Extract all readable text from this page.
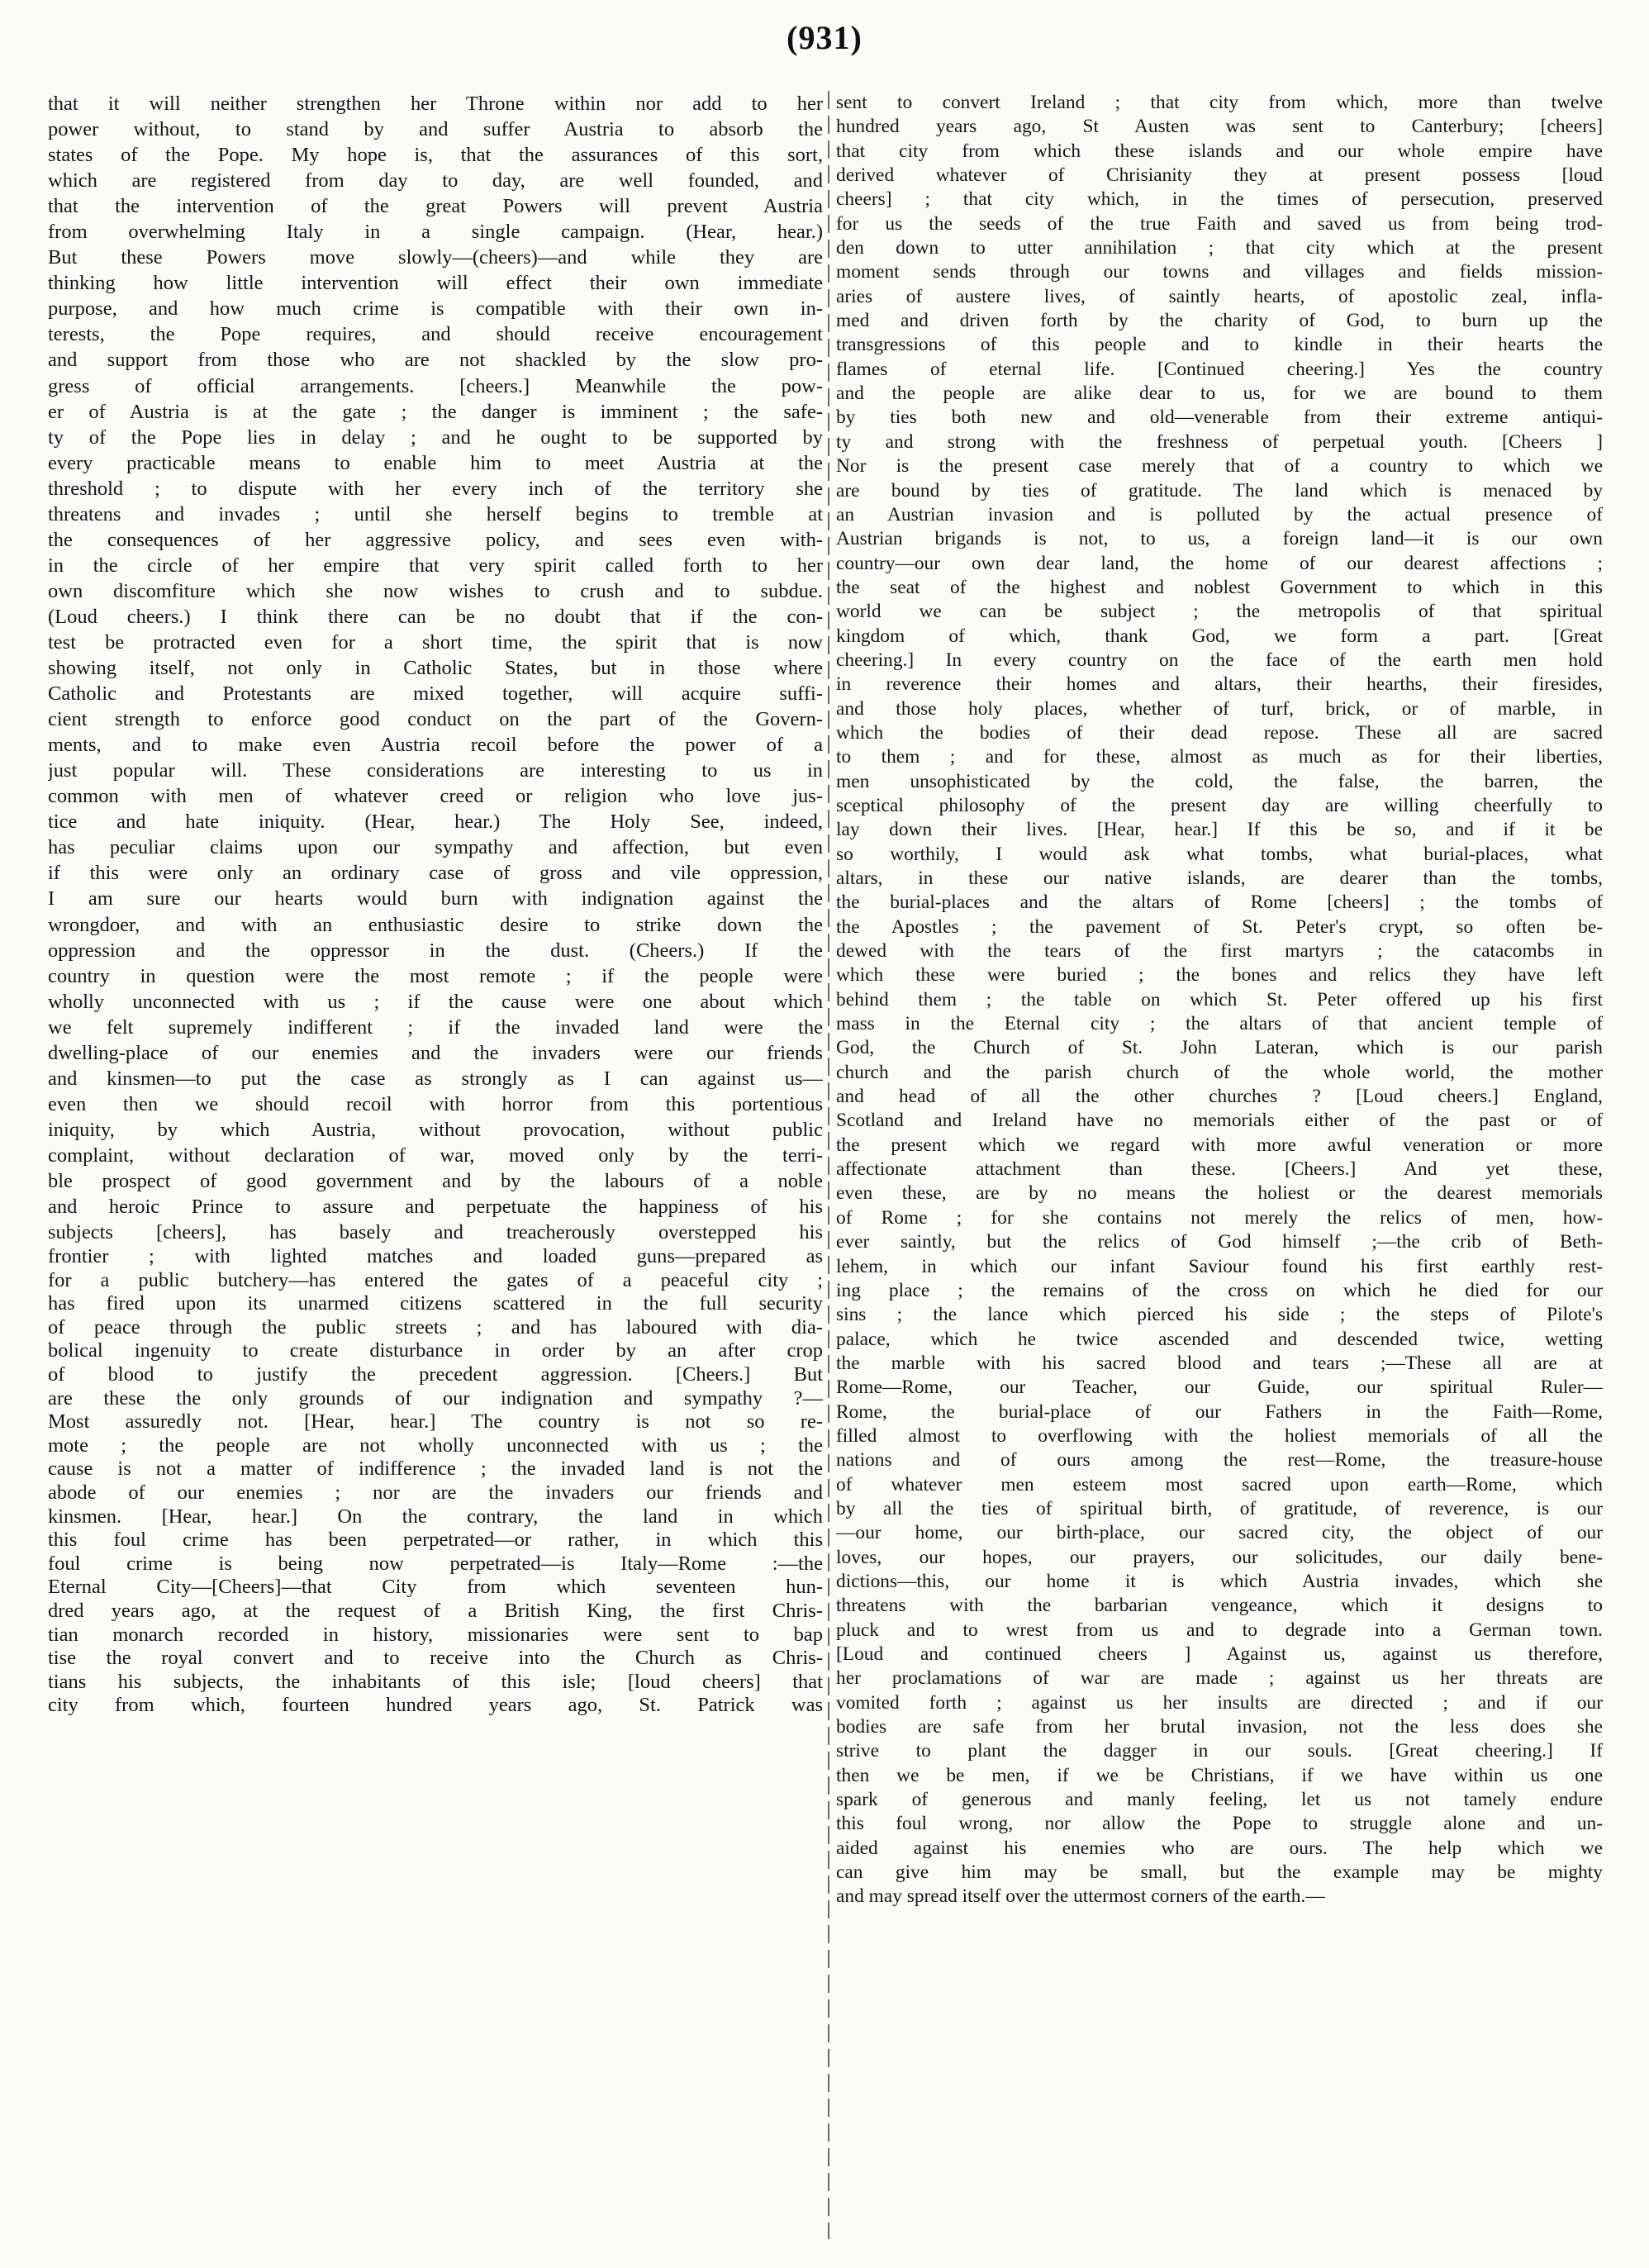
(931)
that it will neither strengthen her Throne within nor add to her
power without, to stand by and suffer Austria to absorb the
states of the Pope. My hope is, that the assurances of this sort,
which are registered from day to day, are well founded, and
that the intervention of the great Powers will prevent Austria
from overwhelming Italy in a single campaign. (Hear, hear.)
But these Powers move slowly—(cheers)—and while they are
thinking how little intervention will effect their own immediate
purpose, and how much crime is compatible with their own in-
terests, the Pope requires, and should receive encouragement
and support from those who are not shackled by the slow pro-
gress of official arrangements. [cheers.] Meanwhile the pow-
er of Austria is at the gate ; the danger is imminent ; the safe-
ty of the Pope lies in delay ; and he ought to be supported by
every practicable means to enable him to meet Austria at the
threshold ; to dispute with her every inch of the territory she
threatens and invades ; until she herself begins to tremble at
the consequences of her aggressive policy, and sees even with-
in the circle of her empire that very spirit called forth to her
own discomfiture which she now wishes to crush and to subdue.
(Loud cheers.) I think there can be no doubt that if the con-
test be protracted even for a short time, the spirit that is now
showing itself, not only in Catholic States, but in those where
Catholic and Protestants are mixed together, will acquire suffi-
cient strength to enforce good conduct on the part of the Govern-
ments, and to make even Austria recoil before the power of a
just popular will. These considerations are interesting to us in
common with men of whatever creed or religion who love jus-
tice and hate iniquity. (Hear, hear.) The Holy See, indeed,
has peculiar claims upon our sympathy and affection, but even
if this were only an ordinary case of gross and vile oppression,
I am sure our hearts would burn with indignation against the
wrongdoer, and with an enthusiastic desire to strike down the
oppression and the oppressor in the dust. (Cheers.) If the
country in question were the most remote ; if the people were
wholly unconnected with us ; if the cause were one about which
we felt supremely indifferent ; if the invaded land were the
dwelling-place of our enemies and the invaders were our friends
and kinsmen—to put the case as strongly as I can against us—
even then we should recoil with horror from this portentious
iniquity, by which Austria, without provocation, without public
complaint, without declaration of war, moved only by the terri-
ble prospect of good government and by the labours of a noble
and heroic Prince to assure and perpetuate the happiness of his
subjects [cheers], has basely and treacherously overstepped his
frontier ; with lighted matches and loaded guns—prepared as
for a public butchery—has entered the gates of a peaceful city ;
has fired upon its unarmed citizens scattered in the full security
of peace through the public streets ; and has laboured with dia-
bolical ingenuity to create disturbance in order by an after crop
of blood to justify the precedent aggression. [Cheers.] But
are these the only grounds of our indignation and sympathy ?—
Most assuredly not. [Hear, hear.] The country is not so re-
mote ; the people are not wholly unconnected with us ; the
cause is not a matter of indifference ; the invaded land is not the
abode of our enemies ; nor are the invaders our friends and
kinsmen. [Hear, hear.] On the contrary, the land in which
this foul crime has been perpetrated—or rather, in which this
foul crime is being now perpetrated—is Italy—Rome :—the
Eternal City—[Cheers]—that City from which seventeen hun-
dred years ago, at the request of a British King, the first Chris-
tian monarch recorded in history, missionaries were sent to bap
tise the royal convert and to receive into the Church as Chris-
tians his subjects, the inhabitants of this isle; [loud cheers] that
city from which, fourteen hundred years ago, St. Patrick was
sent to convert Ireland ; that city from which, more than twelve
hundred years ago, St Austen was sent to Canterbury; [cheers]
that city from which these islands and our whole empire have
derived whatever of Chrisianity they at present possess [loud
cheers] ; that city which, in the times of persecution, preserved
for us the seeds of the true Faith and saved us from being trod-
den down to utter annihilation ; that city which at the present
moment sends through our towns and villages and fields mission-
aries of austere lives, of saintly hearts, of apostolic zeal, infla-
med and driven forth by the charity of God, to burn up the
transgressions of this people and to kindle in their hearts the
flames of eternal life. [Continued cheering.] Yes the country
and the people are alike dear to us, for we are bound to them
by ties both new and old—venerable from their extreme antiqui-
ty and strong with the freshness of perpetual youth. [Cheers ]
Nor is the present case merely that of a country to which we
are bound by ties of gratitude. The land which is menaced by
an Austrian invasion and is polluted by the actual presence of
Austrian brigands is not, to us, a foreign land—it is our own
country—our own dear land, the home of our dearest affections ;
the seat of the highest and noblest Government to which in this
world we can be subject ; the metropolis of that spiritual
kingdom of which, thank God, we form a part. [Great
cheering.] In every country on the face of the earth men hold
in reverence their homes and altars, their hearths, their firesides,
and those holy places, whether of turf, brick, or of marble, in
which the bodies of their dead repose. These all are sacred
to them ; and for these, almost as much as for their liberties,
men unsophisticated by the cold, the false, the barren, the
sceptical philosophy of the present day are willing cheerfully to
lay down their lives. [Hear, hear.] If this be so, and if it be
so worthily, I would ask what tombs, what burial-places, what
altars, in these our native islands, are dearer than the tombs,
the burial-places and the altars of Rome [cheers] ; the tombs of
the Apostles ; the pavement of St. Peter's crypt, so often be-
dewed with the tears of the first martyrs ; the catacombs in
which these were buried ; the bones and relics they have left
behind them ; the table on which St. Peter offered up his first
mass in the Eternal city ; the altars of that ancient temple of
God, the Church of St. John Lateran, which is our parish
church and the parish church of the whole world, the mother
and head of all the other churches ? [Loud cheers.] England,
Scotland and Ireland have no memorials either of the past or of
the present which we regard with more awful veneration or more
affectionate attachment than these. [Cheers.] And yet these,
even these, are by no means the holiest or the dearest memorials
of Rome ; for she contains not merely the relics of men, how-
ever saintly, but the relics of God himself ;—the crib of Beth-
lehem, in which our infant Saviour found his first earthly rest-
ing place ; the remains of the cross on which he died for our
sins ; the lance which pierced his side ; the steps of Pilote's
palace, which he twice ascended and descended twice, wetting
the marble with his sacred blood and tears ;—These all are at
Rome—Rome, our Teacher, our Guide, our spiritual Ruler—
Rome, the burial-place of our Fathers in the Faith—Rome,
filled almost to overflowing with the holiest memorials of all the
nations and of ours among the rest—Rome, the treasure-house
of whatever men esteem most sacred upon earth—Rome, which
by all the ties of spiritual birth, of gratitude, of reverence, is our
—our home, our birth-place, our sacred city, the object of our
loves, our hopes, our prayers, our solicitudes, our daily bene-
dictions—this, our home it is which Austria invades, which she
threatens with the barbarian vengeance, which it designs to
pluck and to wrest from us and to degrade into a German town.
[Loud and continued cheers ] Against us, against us therefore,
her proclamations of war are made ; against us her threats are
vomited forth ; against us her insults are directed ; and if our
bodies are safe from her brutal invasion, not the less does she
strive to plant the dagger in our souls. [Great cheering.] If
then we be men, if we be Christians, if we have within us one
spark of generous and manly feeling, let us not tamely endure
this foul wrong, nor allow the Pope to struggle alone and un-
aided against his enemies who are ours. The help which we
can give him may be small, but the example may be mighty
and may spread itself over the uttermost corners of the earth.—
